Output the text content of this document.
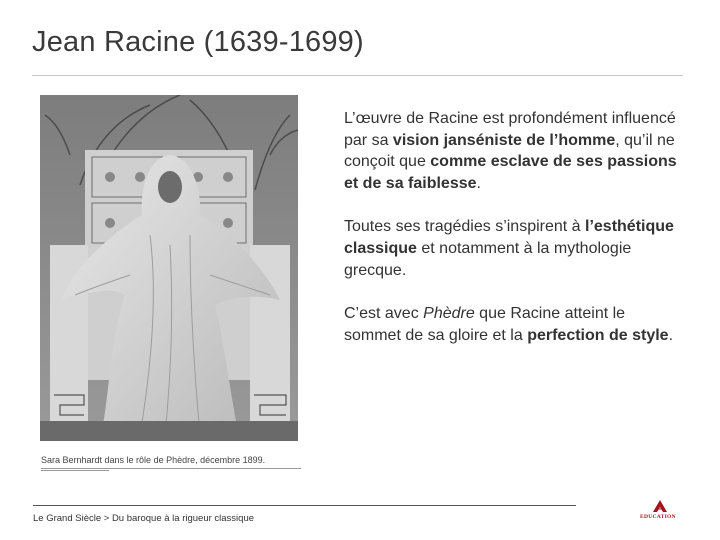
Jean Racine (1639-1699)
Sara Bernhardt dans le rôle de Phèdre, décembre 1899.

L’œuvre de Racine est profondément influencé par sa vision janséniste de l’homme, qu’il ne conçoit que comme esclave de ses passions et de sa faiblesse.

Toutes ses tragédies s’inspirent à l’esthétique classique et notamment à la mythologie grecque.

C’est avec Phèdre que Racine atteint le sommet de sa gloire et la perfection de style.

Le Grand Siècle > Du baroque à la rigueur classique	EDUCATION
